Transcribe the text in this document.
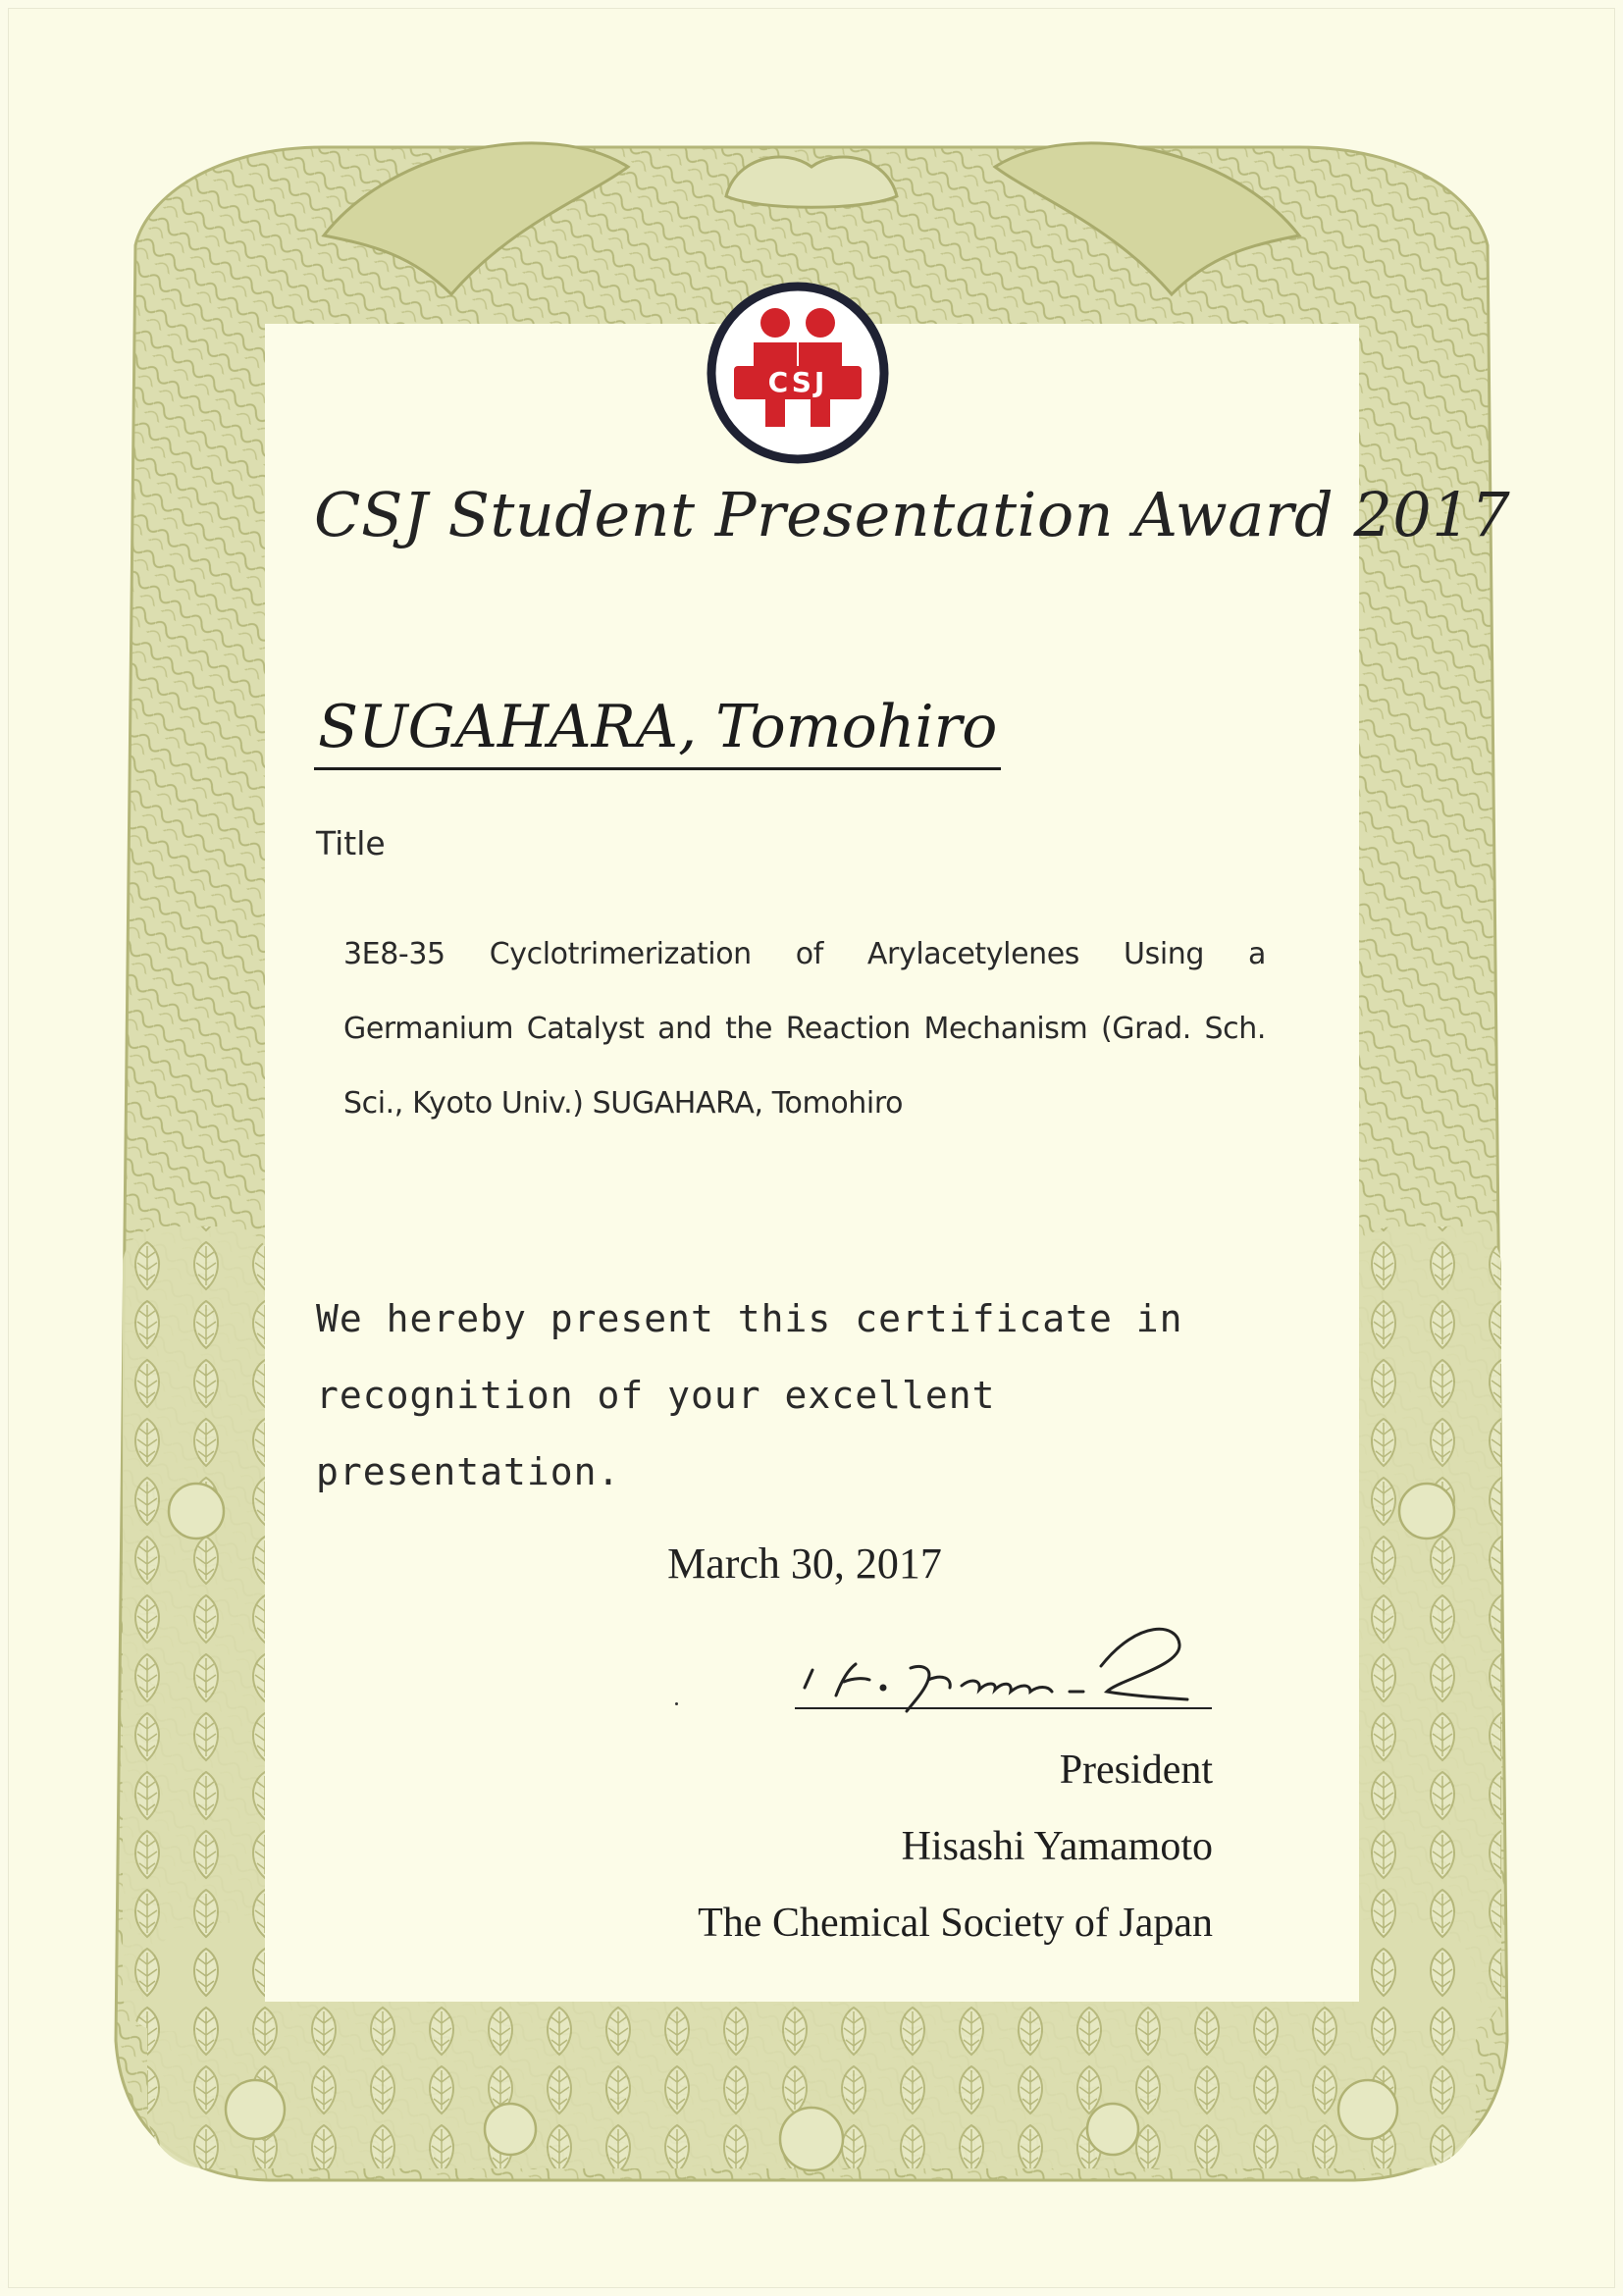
CSJ
CSJ Student Presentation Award 2017
SUGAHARA, Tomohiro
Title
3E8-35 Cyclotrimerization of Arylacetylenes Using a Germanium Catalyst and the Reaction Mechanism (Grad. Sch. Sci., Kyoto Univ.) SUGAHARA, Tomohiro
We hereby present this certificate in
recognition of your excellent presentation.
March 30, 2017
President
Hisashi Yamamoto
The Chemical Society of Japan
